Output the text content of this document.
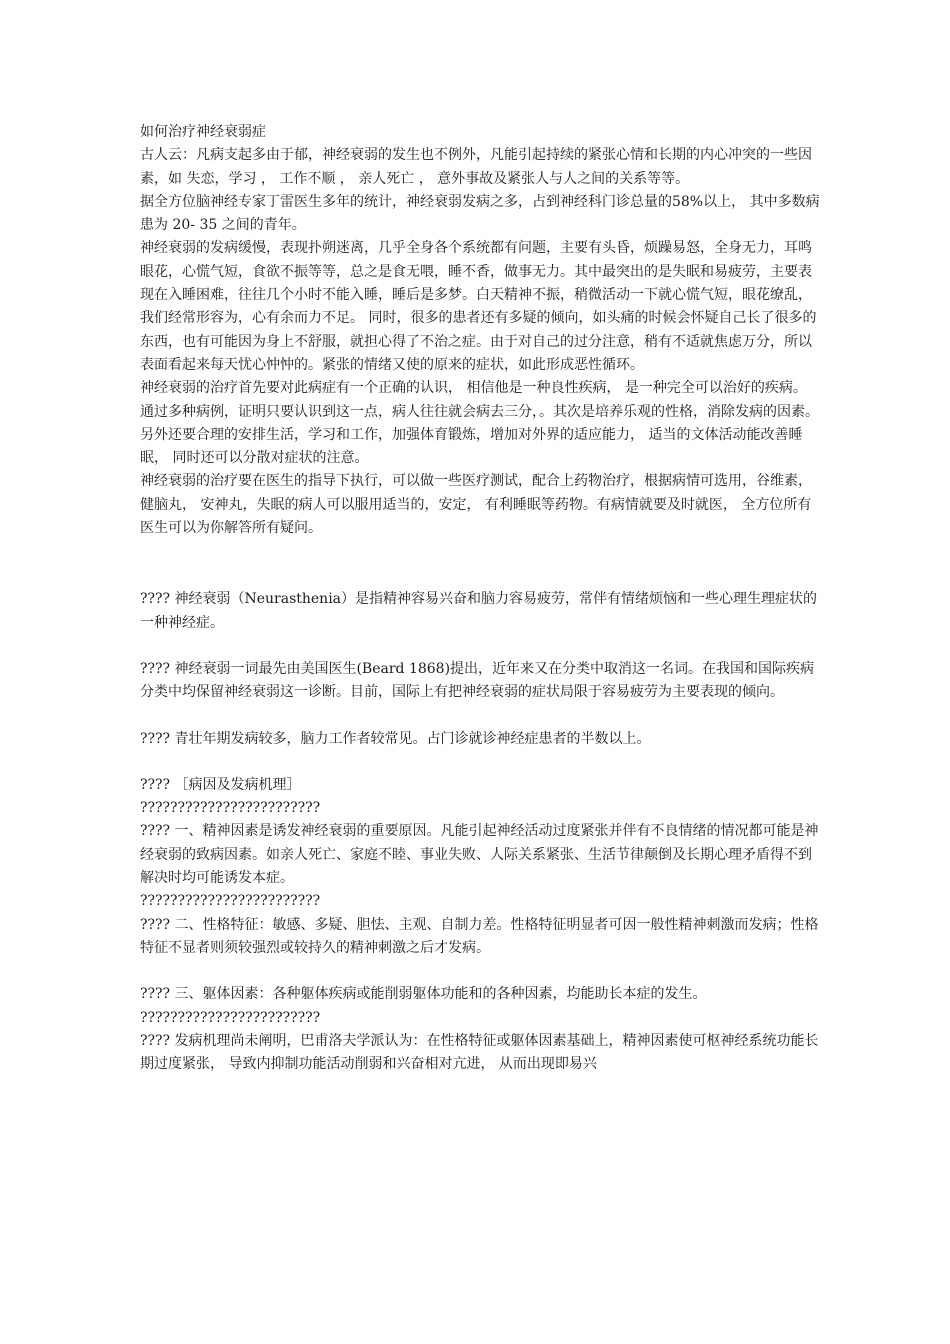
如何治疗神经衰弱症

古人云：凡病支起多由于郁，神经衰弱的发生也不例外，凡能引起持续的紧张心情和长期的内心冲突的一些因素，如 失恋，学习 ， 工作不顺 ， 亲人死亡 ， 意外事故及紧张人与人之间的关系等等。

据全方位脑神经专家丁雷医生多年的统计，神经衰弱发病之多，占到神经科门诊总量的58%以上， 其中多数病患为 20- 35 之间的青年。

神经衰弱的发病缓慢，表现扑朔迷离，几乎全身各个系统都有问题，主要有头昏，烦躁易怒，全身无力，耳鸣眼花，心慌气短，食欲不振等等，总之是食无喂，睡不香，做事无力。其中最突出的是失眠和易疲劳，主要表现在入睡困难，往往几个小时不能入睡，睡后是多梦。白天精神不振，稍微活动一下就心慌气短，眼花缭乱，我们经常形容为，心有余而力不足。 同时，很多的患者还有多疑的倾向，如头痛的时候会怀疑自己长了很多的东西，也有可能因为身上不舒服，就担心得了不治之症。由于对自己的过分注意，稍有不适就焦虑万分，所以表面看起来每天忧心忡忡的。紧张的情绪又使的原来的症状，如此形成恶性循环。

神经衰弱的治疗首先要对此病症有一个正确的认识， 相信他是一种良性疾病， 是一种完全可以治好的疾病。 通过多种病例，证明只要认识到这一点，病人往往就会病去三分，。其次是培养乐观的性格，消除发病的因素。另外还要合理的安排生活，学习和工作，加强体育锻炼，增加对外界的适应能力， 适当的文体活动能改善睡眠， 同时还可以分散对症状的注意。

神经衰弱的治疗要在医生的指导下执行，可以做一些医疗测试，配合上药物治疗，根据病情可选用，谷维素， 健脑丸， 安神丸，失眠的病人可以服用适当的，安定， 有利睡眠等药物。有病情就要及时就医， 全方位所有医生可以为你解答所有疑问。

???? 神经衰弱（Neurasthenia）是指精神容易兴奋和脑力容易疲劳，常伴有情绪烦恼和一些心理生理症状的一种神经症。

???? 神经衰弱一词最先由美国医生(Beard 1868)提出，近年来又在分类中取消这一名词。在我国和国际疾病分类中均保留神经衰弱这一诊断。目前，国际上有把神经衰弱的症状局限于容易疲劳为主要表现的倾向。

???? 青壮年期发病较多，脑力工作者较常见。占门诊就诊神经症患者的半数以上。

???? ［病因及发病机理］

????????????????????????

???? 一、精神因素是诱发神经衰弱的重要原因。凡能引起神经活动过度紧张并伴有不良情绪的情况都可能是神经衰弱的致病因素。如亲人死亡、家庭不睦、事业失败、人际关系紧张、生活节律颠倒及长期心理矛盾得不到解决时均可能诱发本症。

????????????????????????

???? 二、性格特征：敏感、多疑、胆怯、主观、自制力差。性格特征明显者可因一般性精神刺激而发病；性格特征不显者则须较强烈或较持久的精神刺激之后才发病。

???? 三、躯体因素：各种躯体疾病或能削弱躯体功能和的各种因素，均能助长本症的发生。

????????????????????????

???? 发病机理尚未阐明，巴甫洛夫学派认为：在性格特征或躯体因素基础上，精神因素使可枢神经系统功能长期过度紧张， 导致内抑制功能活动削弱和兴奋相对亢进， 从而出现即易兴
